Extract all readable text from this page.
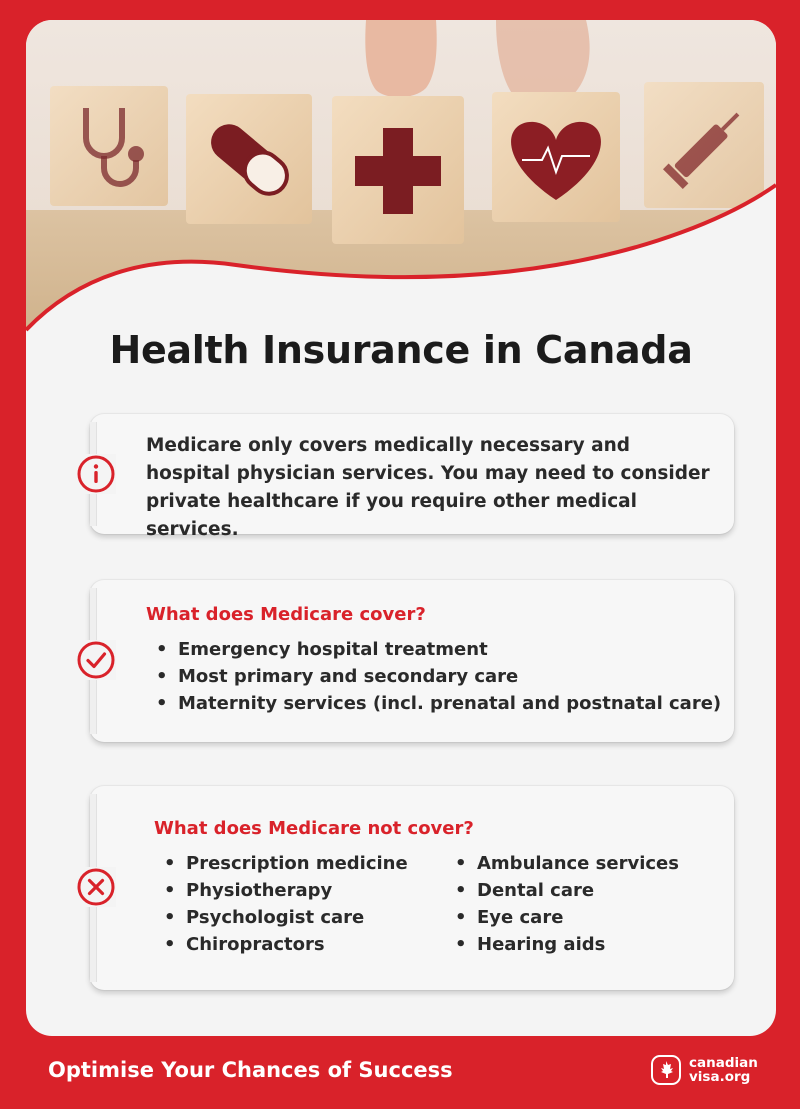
Health Insurance in Canada
Medicare only covers medically necessary and hospital physician services. You may need to consider private healthcare if you require other medical services.
What does Medicare cover?
• Emergency hospital treatment
• Most primary and secondary care
• Maternity services (incl. prenatal and postnatal care)
What does Medicare not cover?
• Prescription medicine
• Physiotherapy
• Psychologist care
• Chiropractors
• Ambulance services
• Dental care
• Eye care
• Hearing aids
Optimise Your Chances of Success	canadian
visa.org
